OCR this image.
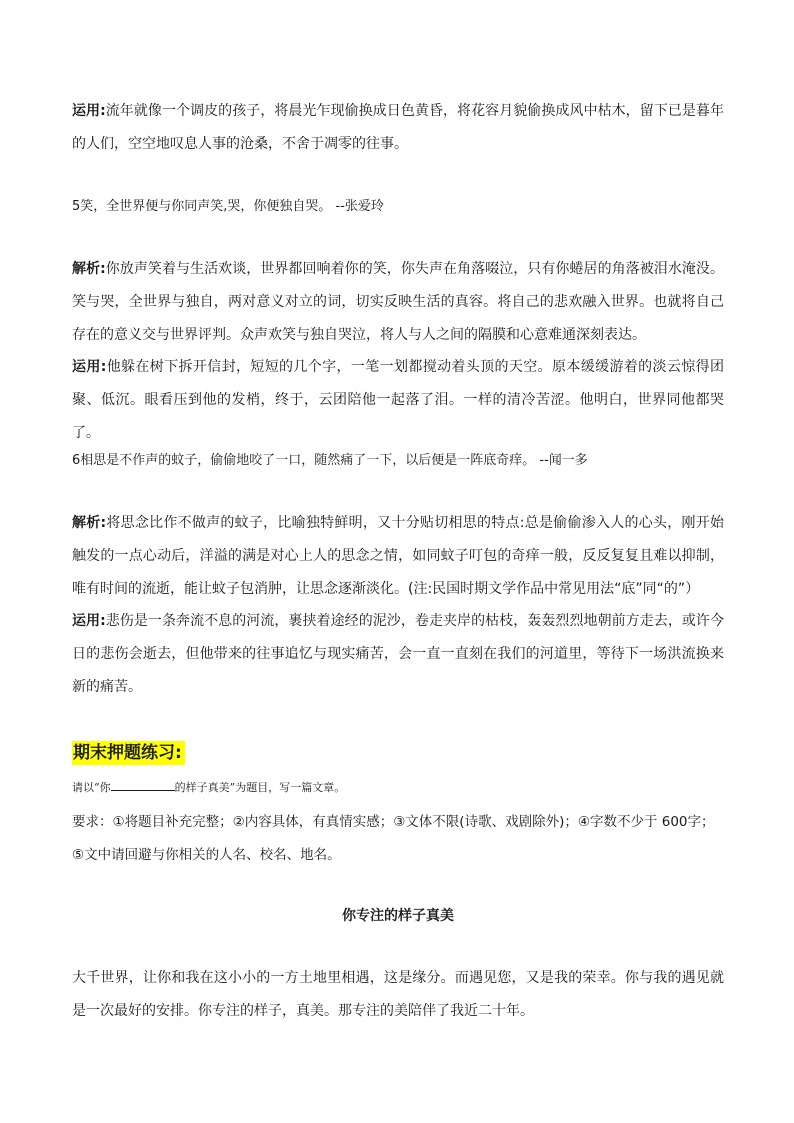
运用:流年就像一个调皮的孩子，将晨光乍现偷换成日色黄昏，将花容月貌偷换成风中枯木，留下已是暮年的人们，空空地叹息人事的沧桑，不舍于凋零的往事。

5笑，全世界便与你同声笑,哭，你便独自哭。 --张爱玲

解析:你放声笑着与生活欢谈，世界都回响着你的笑，你失声在角落啜泣，只有你蜷居的角落被泪水淹没。笑与哭，全世界与独自，两对意义对立的词，切实反映生活的真容。将自己的悲欢融入世界。也就将自己存在的意义交与世界评判。众声欢笑与独自哭泣，将人与人之间的隔膜和心意难通深刻表达。

运用:他躲在树下拆开信封，短短的几个字，一笔一划都搅动着头顶的天空。原本缓缓游着的淡云惊得团聚、低沉。眼看压到他的发梢，终于，云团陪他一起落了泪。一样的清冷苦涩。他明白，世界同他都哭了。

6相思是不作声的蚊子，偷偷地咬了一口，随然痛了一下，以后便是一阵底奇痒。 --闻一多

解析:将思念比作不做声的蚊子，比喻独特鲜明，又十分贴切相思的特点:总是偷偷渗入人的心头，刚开始触发的一点心动后，洋溢的满是对心上人的思念之情，如同蚊子叮包的奇痒一般，反反复复且难以抑制，唯有时间的流逝，能让蚊子包消肿，让思念逐渐淡化。(注:民国时期文学作品中常见用法“底”同“的”）

运用:悲伤是一条奔流不息的河流，裹挟着途经的泥沙，卷走夹岸的枯枝，轰轰烈烈地朝前方走去，或许今日的悲伤会逝去，但他带来的往事追忆与现实痛苦，会一直一直刻在我们的河道里，等待下一场洪流换来新的痛苦。

期末押题练习:

请以“你	的样子真美”为题目，写一篇文章。

要求：①将题目补充完整；②内容具体，有真情实感；③文体不限(诗歌、戏剧除外)；④字数不少于 600字；⑤文中请回避与你相关的人名、校名、地名。

你专注的样子真美

大千世界，让你和我在这小小的一方土地里相遇，这是缘分。而遇见您，又是我的荣幸。你与我的遇见就是一次最好的安排。你专注的样子，真美。那专注的美陪伴了我近二十年。
